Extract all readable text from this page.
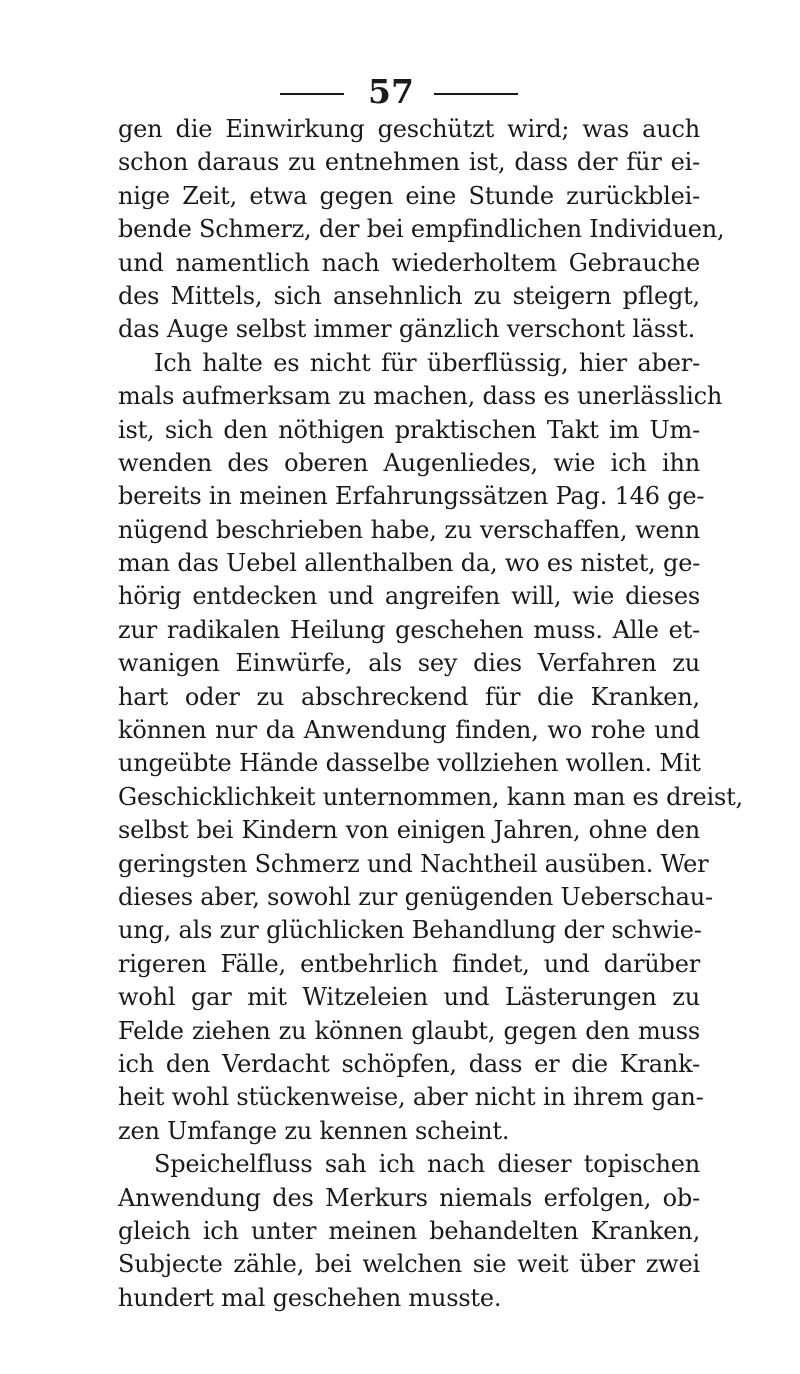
57
gen die Einwirkung geschützt wird; was auch
schon daraus zu entnehmen ist, dass der für ei-
nige Zeit, etwa gegen eine Stunde zurückblei-
bende Schmerz, der bei empfindlichen Individuen,
und namentlich nach wiederholtem Gebrauche
des Mittels, sich ansehnlich zu steigern pflegt,
das Auge selbst immer gänzlich verschont lässt.
Ich halte es nicht für überflüssig, hier aber-
mals aufmerksam zu machen, dass es unerlässlich
ist, sich den nöthigen praktischen Takt im Um-
wenden des oberen Augenliedes, wie ich ihn
bereits in meinen Erfahrungssätzen Pag. 146 ge-
nügend beschrieben habe, zu verschaffen, wenn
man das Uebel allenthalben da, wo es nistet, ge-
hörig entdecken und angreifen will, wie dieses
zur radikalen Heilung geschehen muss. Alle et-
wanigen Einwürfe, als sey dies Verfahren zu
hart oder zu abschreckend für die Kranken,
können nur da Anwendung finden, wo rohe und
ungeübte Hände dasselbe vollziehen wollen. Mit
Geschicklichkeit unternommen, kann man es dreist,
selbst bei Kindern von einigen Jahren, ohne den
geringsten Schmerz und Nachtheil ausüben. Wer
dieses aber, sowohl zur genügenden Ueberschau-
ung, als zur glüchlicken Behandlung der schwie-
rigeren Fälle, entbehrlich findet, und darüber
wohl gar mit Witzeleien und Lästerungen zu
Felde ziehen zu können glaubt, gegen den muss
ich den Verdacht schöpfen, dass er die Krank-
heit wohl stückenweise, aber nicht in ihrem gan-
zen Umfange zu kennen scheint.
Speichelfluss sah ich nach dieser topischen
Anwendung des Merkurs niemals erfolgen, ob-
gleich ich unter meinen behandelten Kranken,
Subjecte zähle, bei welchen sie weit über zwei
hundert mal geschehen musste.
